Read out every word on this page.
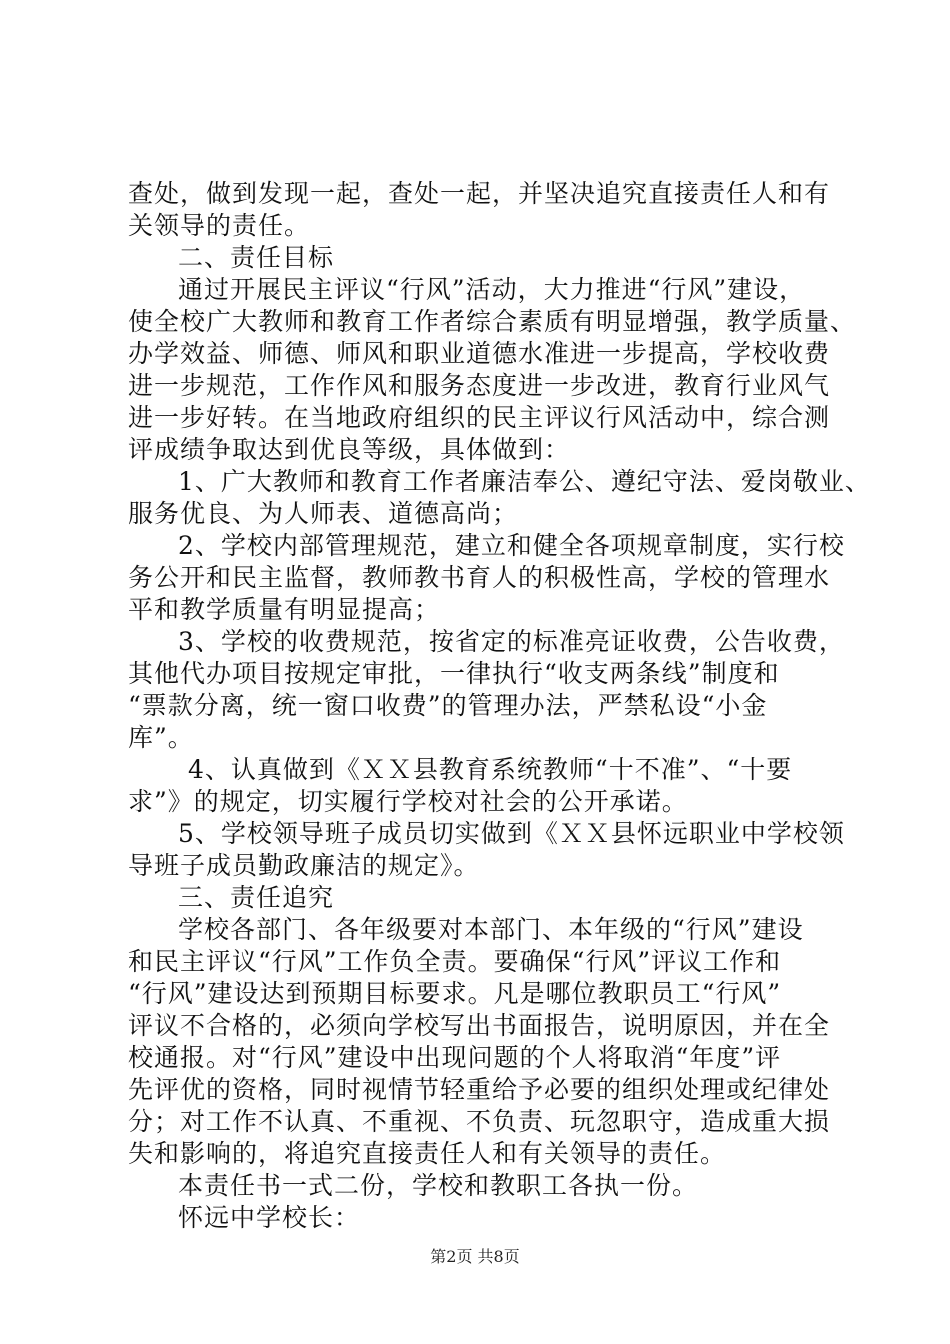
查处，做到发现一起，查处一起，并坚决追究直接责任人和有
关领导的责任。
二、责任目标
通过开展民主评议“行风”活动，大力推进“行风”建设，
使全校广大教师和教育工作者综合素质有明显增强，教学质量、
办学效益、师德、师风和职业道德水准进一步提高，学校收费
进一步规范，工作作风和服务态度进一步改进，教育行业风气
进一步好转。在当地政府组织的民主评议行风活动中，综合测
评成绩争取达到优良等级，具体做到：
1、广大教师和教育工作者廉洁奉公、遵纪守法、爱岗敬业、
服务优良、为人师表、道德高尚；
2、学校内部管理规范，建立和健全各项规章制度，实行校
务公开和民主监督，教师教书育人的积极性高，学校的管理水
平和教学质量有明显提高；
3、学校的收费规范，按省定的标准亮证收费，公告收费，
其他代办项目按规定审批，一律执行“收支两条线”制度和
“票款分离，统一窗口收费”的管理办法，严禁私设“小金
库”。
4、认真做到《ＸＸ县教育系统教师“十不准”、“十要
求”》的规定，切实履行学校对社会的公开承诺。
5、学校领导班子成员切实做到《ＸＸ县怀远职业中学校领
导班子成员勤政廉洁的规定》。
三、责任追究
学校各部门、各年级要对本部门、本年级的“行风”建设
和民主评议“行风”工作负全责。要确保“行风”评议工作和
“行风”建设达到预期目标要求。凡是哪位教职员工“行风”
评议不合格的，必须向学校写出书面报告，说明原因，并在全
校通报。对“行风”建设中出现问题的个人将取消“年度”评
先评优的资格，同时视情节轻重给予必要的组织处理或纪律处
分；对工作不认真、不重视、不负责、玩忽职守，造成重大损
失和影响的，将追究直接责任人和有关领导的责任。
本责任书一式二份，学校和教职工各执一份。
怀远中学校长：
第2页 共8页
